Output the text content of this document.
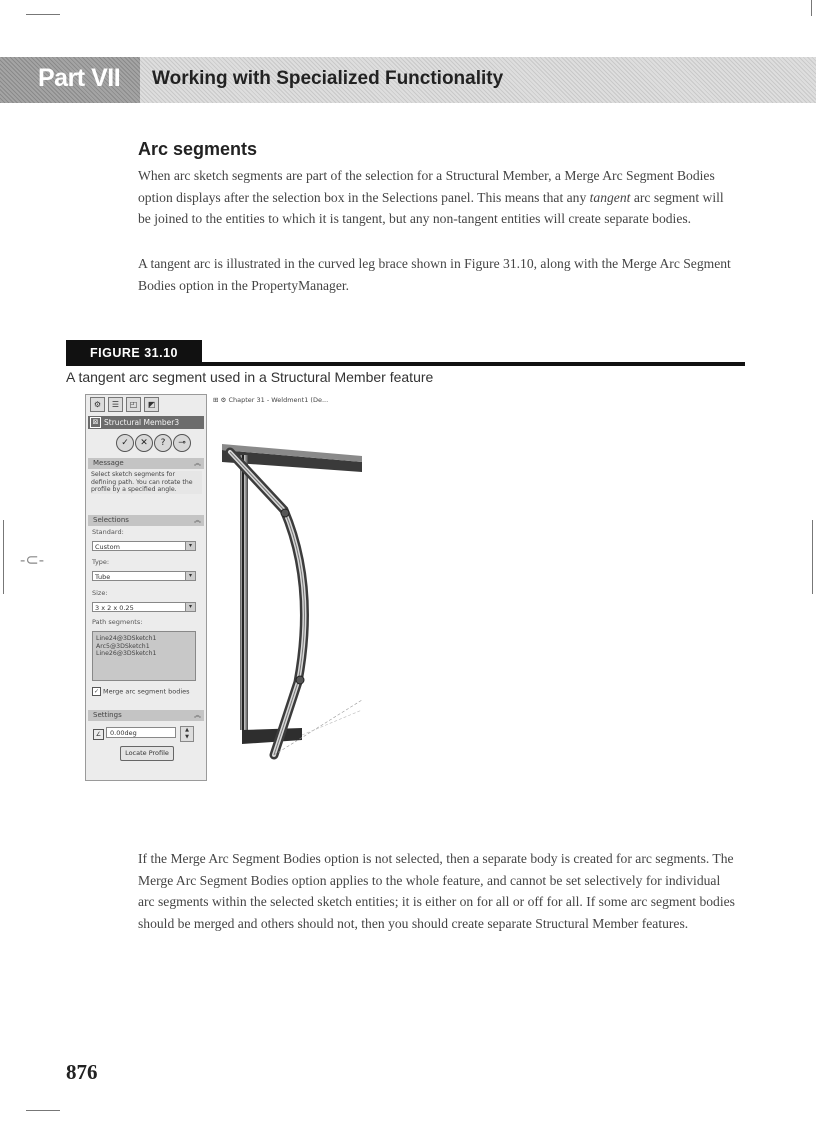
-⊂-
Part VII Working with Specialized Functionality
Arc segments

When arc sketch segments are part of the selection for a Structural Member, a Merge Arc Segment Bodies option displays after the selection box in the Selections panel. This means that any tangent arc segment will be joined to the entities to which it is tangent, but any non-tangent entities will create separate bodies.

A tangent arc is illustrated in the curved leg brace shown in Figure 31.10, along with the Merge Arc Segment Bodies option in the PropertyManager.

FIGURE 31.10
A tangent arc segment used in a Structural Member feature
⚙	☰	◰	◩
⊠ Structural Member3
✓	✕	?	⊸
Message	︽
Select sketch segments for defining path. You can rotate the profile by a specified angle.
Selections	︽
Standard:
Custom	▾
Type:
Tube	▾
Size:
3 x 2 x 0.25	▾
Path segments:
Line24@3DSketch1
Arc5@3DSketch1
Line26@3DSketch1
✓ Merge arc segment bodies
Settings	︽
∠	0.00deg	▲
▼
Locate Profile
⊞ ⚙ Chapter 31 - Weldment1 (De...

If the Merge Arc Segment Bodies option is not selected, then a separate body is created for arc segments. The Merge Arc Segment Bodies option applies to the whole feature, and cannot be set selectively for individual arc segments within the selected sketch entities; it is either on for all or off for all. If some arc segment bodies should be merged and others should not, then you should create separate Structural Member features.

876
